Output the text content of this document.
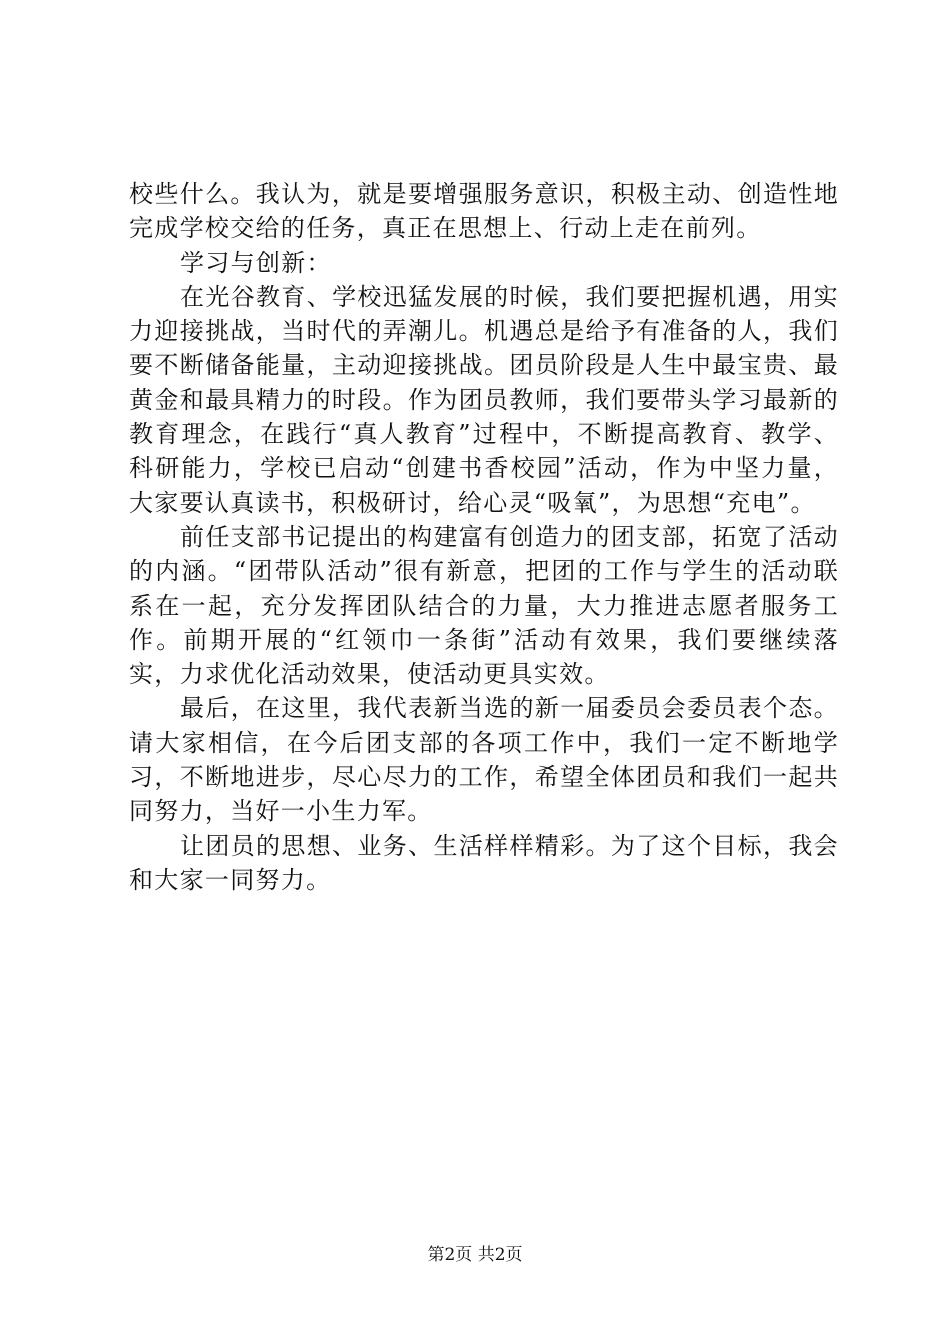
校些什么。我认为，就是要增强服务意识，积极主动、创造性地完成学校交给的任务，真正在思想上、行动上走在前列。

学习与创新：

在光谷教育、学校迅猛发展的时候，我们要把握机遇，用实力迎接挑战，当时代的弄潮儿。机遇总是给予有准备的人，我们要不断储备能量，主动迎接挑战。团员阶段是人生中最宝贵、最黄金和最具精力的时段。作为团员教师，我们要带头学习最新的教育理念，在践行“真人教育”过程中，不断提高教育、教学、科研能力，学校已启动“创建书香校园”活动，作为中坚力量，大家要认真读书，积极研讨，给心灵“吸氧”，为思想“充电”。

前任支部书记提出的构建富有创造力的团支部，拓宽了活动的内涵。“团带队活动”很有新意，把团的工作与学生的活动联系在一起，充分发挥团队结合的力量，大力推进志愿者服务工作。前期开展的“红领巾一条街”活动有效果，我们要继续落实，力求优化活动效果，使活动更具实效。

最后，在这里，我代表新当选的新一届委员会委员表个态。请大家相信，在今后团支部的各项工作中，我们一定不断地学习，不断地进步，尽心尽力的工作，希望全体团员和我们一起共同努力，当好一小生力军。

让团员的思想、业务、生活样样精彩。为了这个目标，我会和大家一同努力。

第2页 共2页
